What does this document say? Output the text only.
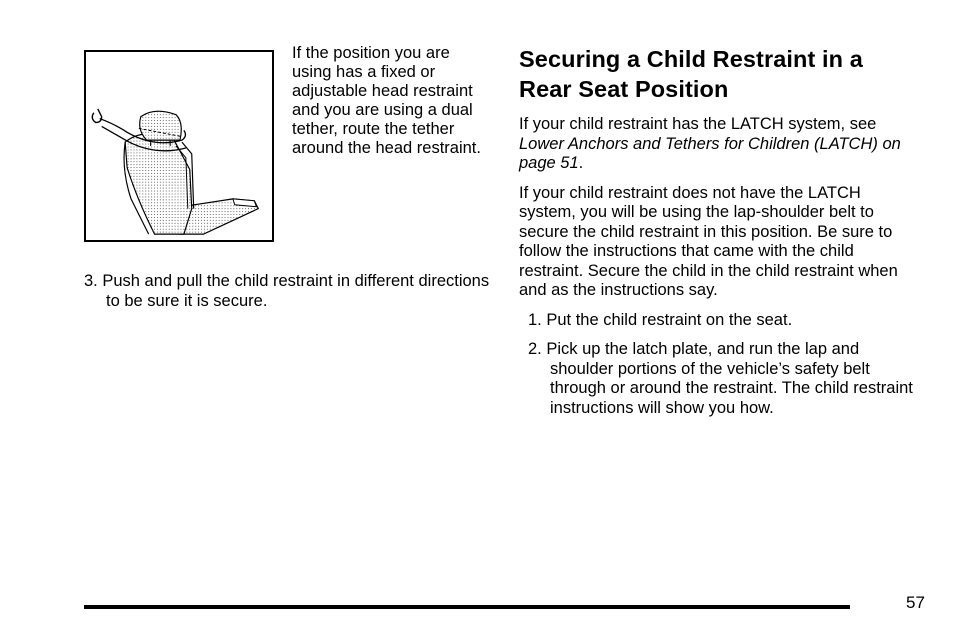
If the position you are using has a fixed or adjustable head restraint and you are using a dual tether, route the tether around the head restraint.

3. Push and pull the child restraint in different directions to be sure it is secure.

Securing a Child Restraint in a
Rear Seat Position

If your child restraint has the LATCH system, see Lower Anchors and Tethers for Children (LATCH) on page 51.

If your child restraint does not have the LATCH system, you will be using the lap-shoulder belt to secure the child restraint in this position. Be sure to follow the instructions that came with the child restraint. Secure the child in the child restraint when and as the instructions say.

1. Put the child restraint on the seat.
2. Pick up the latch plate, and run the lap and shoulder portions of the vehicle’s safety belt through or around the restraint. The child restraint instructions will show you how.
57
